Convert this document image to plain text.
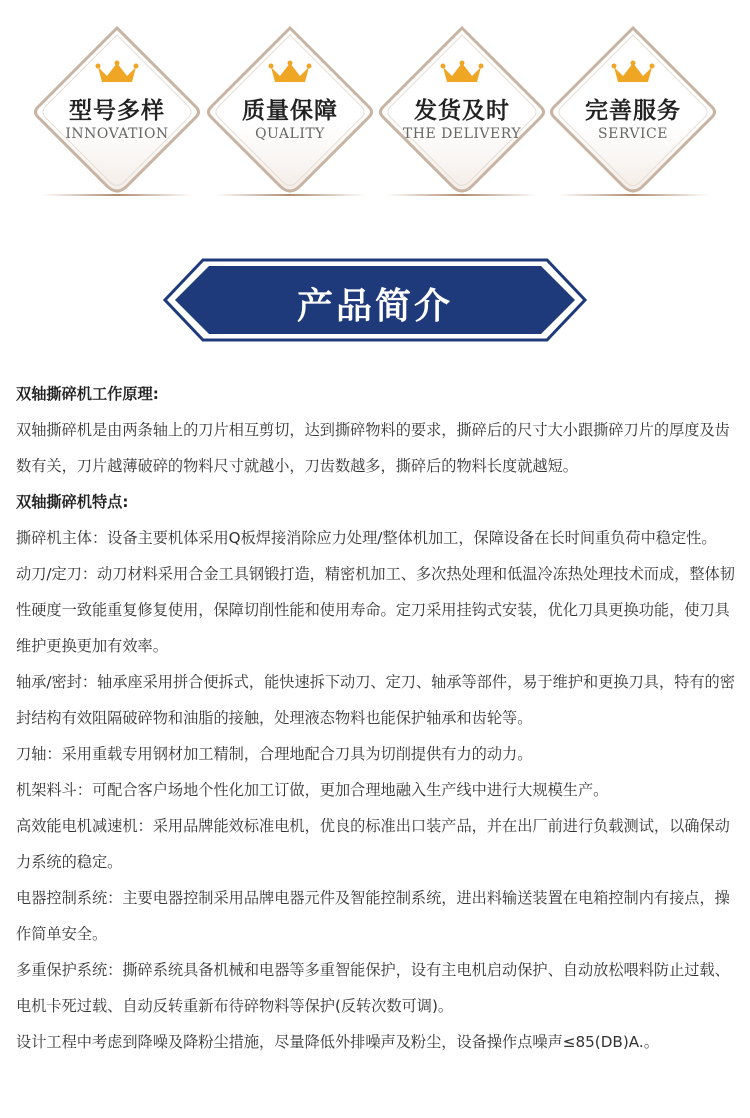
型号多样
INNOVATION
质量保障
QUALITY
发货及时
THE DELIVERY
完善服务
SERVICE
产品简介

双轴撕碎机工作原理:

双轴撕碎机是由两条轴上的刀片相互剪切，达到撕碎物料的要求，撕碎后的尺寸大小跟撕碎刀片的厚度及齿数有关，刀片越薄破碎的物料尺寸就越小，刀齿数越多，撕碎后的物料长度就越短。

双轴撕碎机特点:

撕碎机主体：设备主要机体采用Q板焊接消除应力处理/整体机加工，保障设备在长时间重负荷中稳定性。

动刀/定刀：动刀材料采用合金工具钢锻打造，精密机加工、多次热处理和低温冷冻热处理技术而成，整体韧性硬度一致能重复修复使用，保障切削性能和使用寿命。定刀采用挂钩式安装，优化刀具更换功能，使刀具维护更换更加有效率。

轴承/密封：轴承座采用拼合便拆式，能快速拆下动刀、定刀、轴承等部件，易于维护和更换刀具，特有的密封结构有效阻隔破碎物和油脂的接触，处理液态物料也能保护轴承和齿轮等。

刀轴：采用重载专用钢材加工精制，合理地配合刀具为切削提供有力的动力。

机架料斗：可配合客户场地个性化加工订做，更加合理地融入生产线中进行大规模生产。

高效能电机减速机：采用品牌能效标准电机，优良的标准出口装产品，并在出厂前进行负载测试，以确保动力系统的稳定。

电器控制系统：主要电器控制采用品牌电器元件及智能控制系统，进出料输送装置在电箱控制内有接点，操作简单安全。

多重保护系统：撕碎系统具备机械和电器等多重智能保护，设有主电机启动保护、自动放松喂料防止过载、电机卡死过载、自动反转重新布待碎物料等保护(反转次数可调)。

设计工程中考虑到降噪及降粉尘措施，尽量降低外排噪声及粉尘，设备操作点噪声≤85(DB)A.。
